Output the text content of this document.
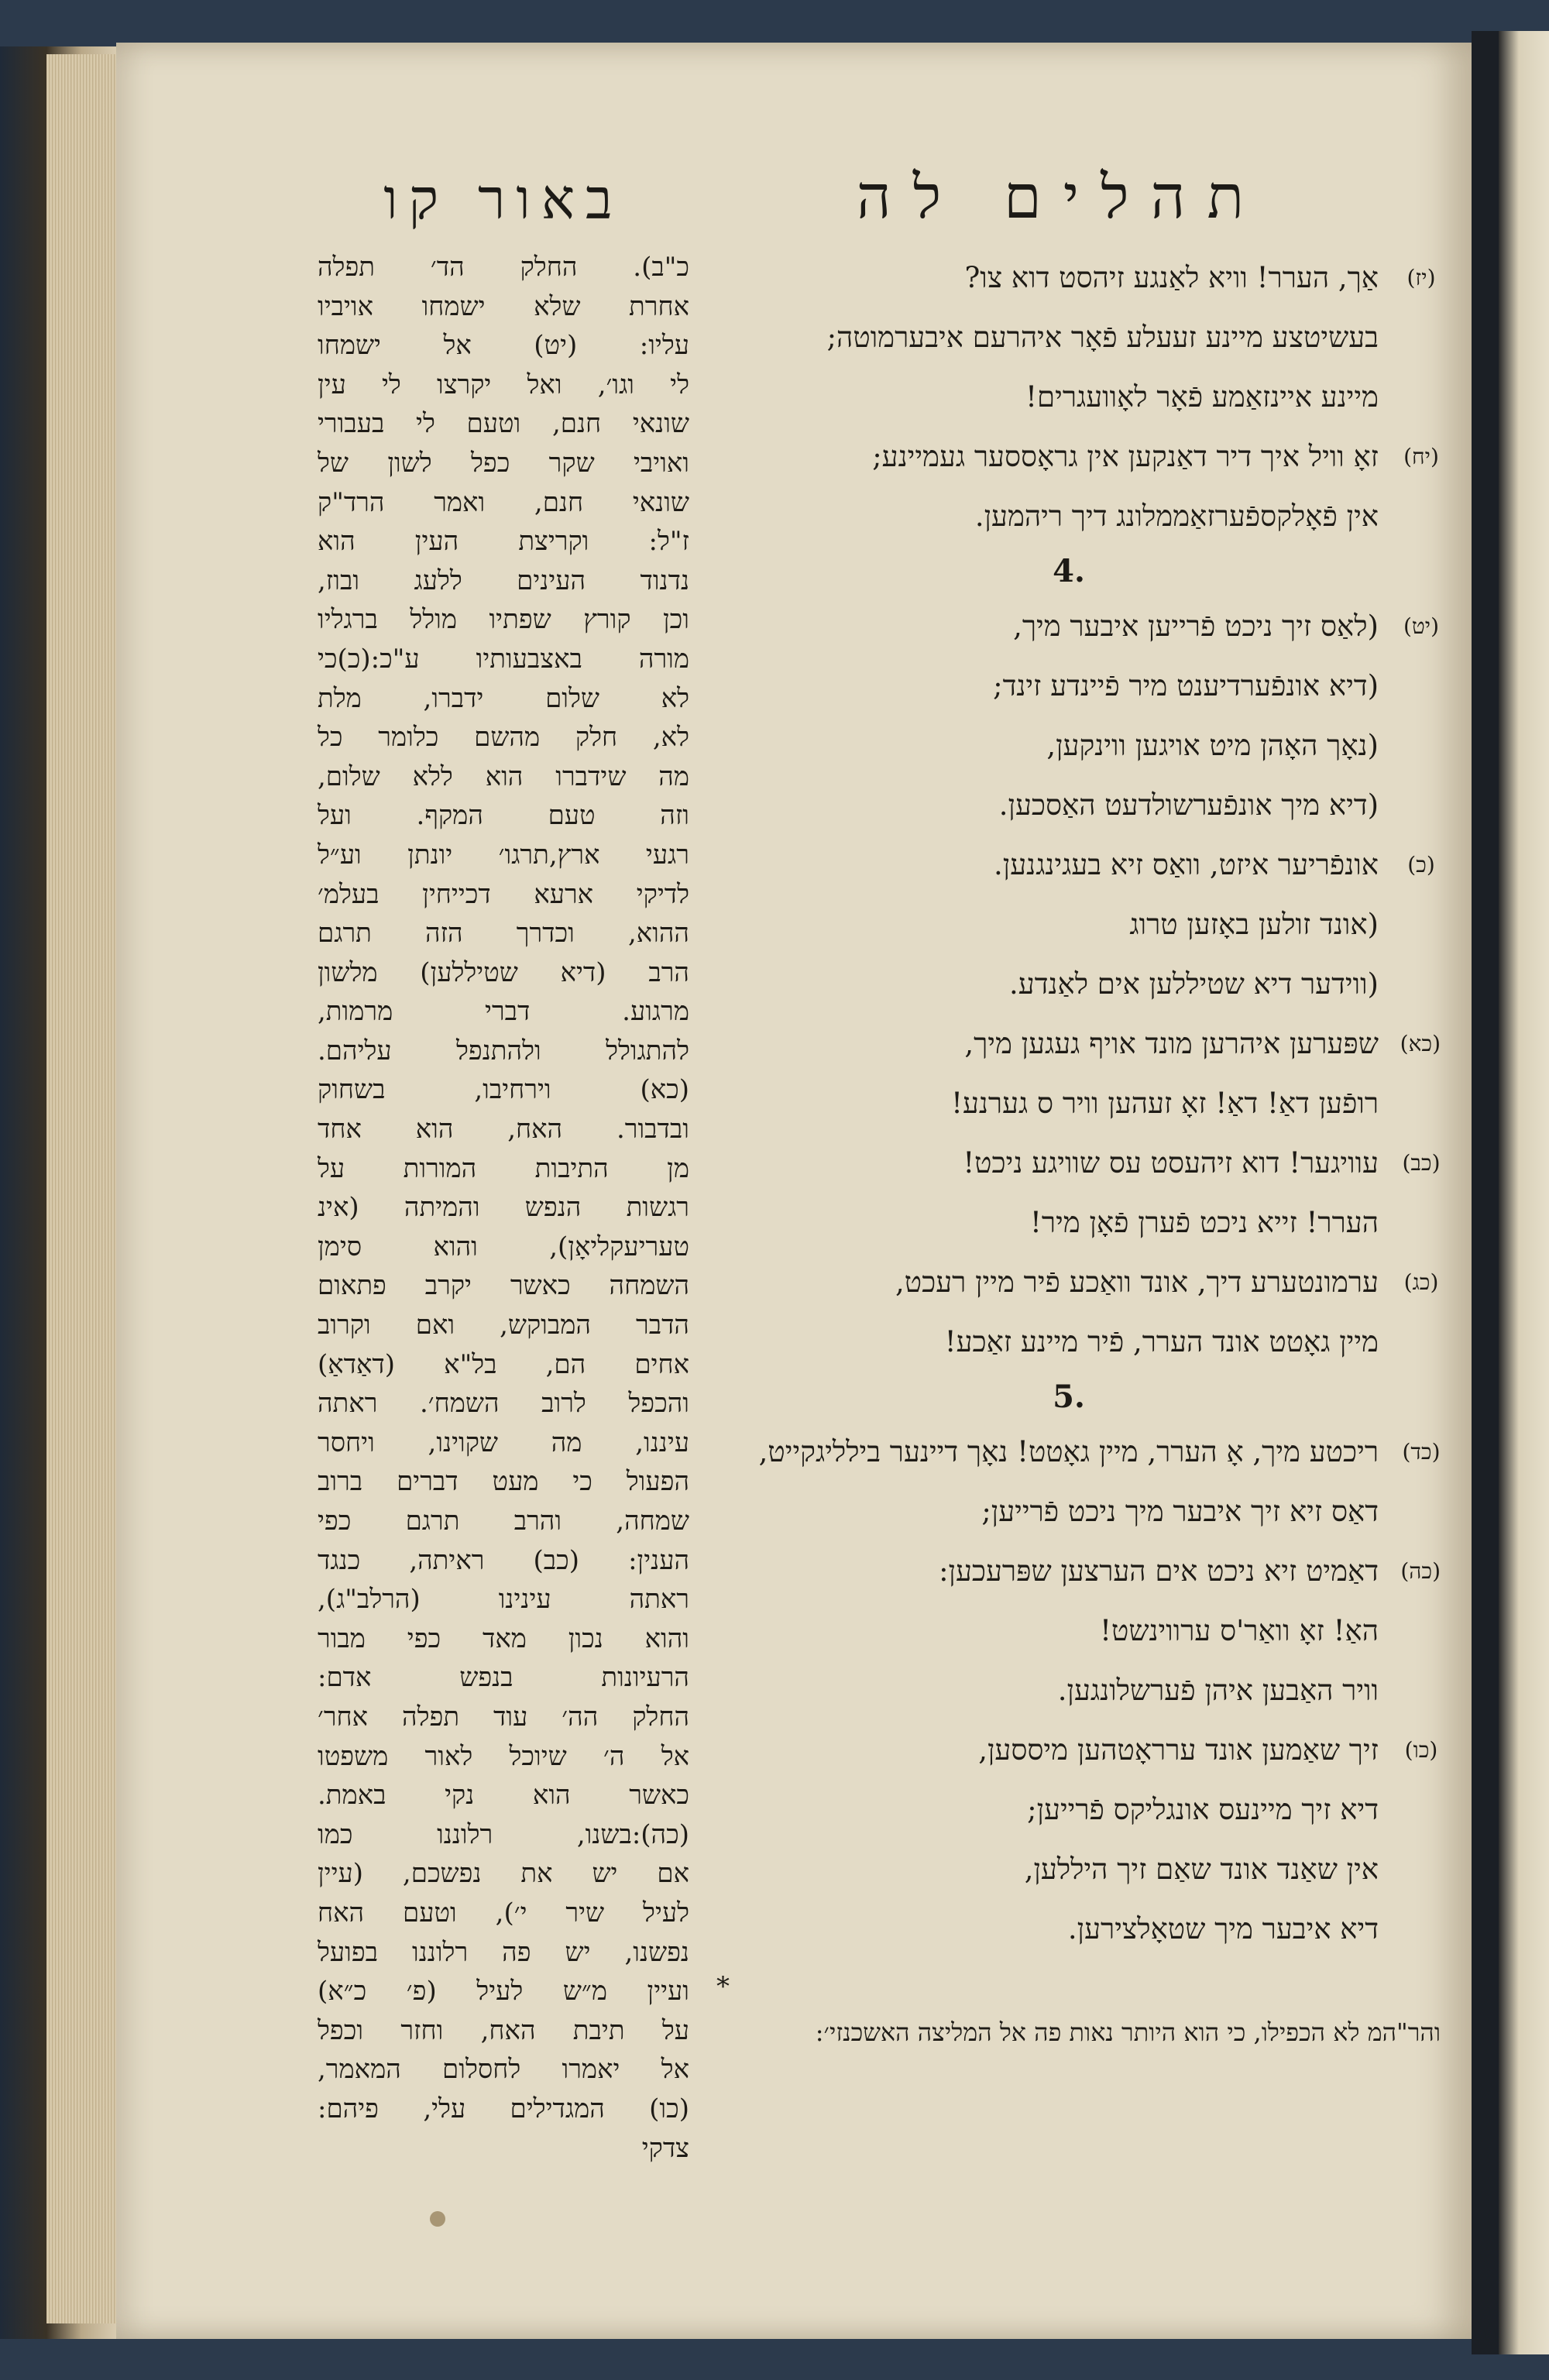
תהלים לה
באור קו
(יז)
אַך, הערר! וויא לאַנגע זיהסט דוא צו?
בעשיטצע מיינע זעעלע פֿאָר איהרעם איבערמוטה;
מיינע איינזאַמע פֿאָר לאָוועגרים!
(יח)
זאָ וויל איך דיר דאַנקען אין גראָססער געמיינע;
אין פֿאָלקספֿערזאַממלונג דיך ריהמען.
4.
(יט)
(לאַס זיך ניכט פֿרייען איבער מיך,
(דיא אונפֿערדיענט מיר פֿיינדע זינד;
(נאָך האָהן מיט אויגען ווינקען,
(דיא מיך אונפֿערשולדעט האַסכען.
(כ)
אונפֿריער איזט, וואַס זיא בעגינגנען.
(אונד זולען באָזען טרוג
(ווידער דיא שטיללען אים לאַנדע.
(כא)
שפּערען איהרען מונד אויף געגען מיך,
רופֿען דאַ! דאַ! זאָ זעהען וויר ס גערנע!
(כב)
עוויגער! דוא זיהעסט עס שוויגע ניכט!
הערר! זייא ניכט פֿערן פֿאָן מיר!
(כג)
ערמונטערע דיך, אונד וואַכע פֿיר מיין רעכט,
מיין גאָטט אונד הערר, פֿיר מיינע זאַכע!
5.
(כד)
ריכטע מיך, אָ הערר, מיין גאָטט! נאָך דיינער בילליגקייט,
דאַס זיא זיך איבער מיך ניכט פֿרייען;
(כה)
דאַמיט זיא ניכט אים הערצען שפּרעכען:
האַ! זאָ וואַר'ס ערווינשט!
וויר האַבען איהן פֿערשלונגען.
(כו)
זיך שאַמען אונד ערראָטהען מיססען,
דיא זיך מיינעס אונגליקס פֿרייען;
אין שאַנד אונד שאַם זיך היללען,
דיא איבער מיך שטאָלצירען.
כ"ב). החלק הד׳ תפלה
אחרת שלא ישמחו אויביו
עליו: (יט) אל ישמחו
לי וגו׳, ואל יקרצו לי עין
שונאי חנם, וטעם לי בעבורי
ואויבי שקר כפל לשון של
שונאי חנם, ואמר הרד"ק
ז"ל: וקריצת העין הוא
נדנוד העינים ללעג ובוז,
וכן קורץ שפתיו מולל ברגליו
מורה באצבעותיו ע"כ:(כ)כי
לא שלום ידברו, מלת
לא, חלק מהשם כלומר כל
מה שידברו הוא ללא שלום,
וזה טעם המקף. ועל
רגעי ארץ,תרגו׳ יונתן וע״ל
לדיקי ארעא דכייחין בעלמ׳
ההוא, וכדרך הזה תרגם
הרב (דיא שטיללען) מלשון
מרגוע. דברי מרמות,
להתגולל ולהתנפל עליהם.
(כא) וירחיבו, בשחוק
ובדבור. האח, הוא אחד
מן התיבות המורות על
רגשות הנפש והמיתה (אינ
טעריעקליאָן), והוא סימן
השמחה כאשר יקרב פתאום
הדבר המבוקש, ואם וקרוב
אחים הם, בל"א (דאַדאַ)
והכפל לרוב השמח׳. ראתה
עיננו, מה שקוינו, ויחסר
הפעול כי מעט דברים ברוב
שמחה, והרב תרגם כפי
הענין: (כב) ראיתה, כנגד
ראתה עינינו (הרלב"ג),
והוא נכון מאד כפי מבור
הרעיונות בנפש אדם:
החלק הה׳ עוד תפלה אחר׳
אל ה׳ שיוכל לאור משפטו
כאשר הוא נקי באמת.
(כה):בשנו, רלוננו כמו
אם יש את נפשכם, (עיין
לעיל שיר י׳), וטעם האח
נפשנו, יש פה רלוננו בפועל
ועיין מ״ש לעיל (פ׳ כ״א)
על תיבת האח, וחזר וכפל
אל יאמרו לחסלום המאמר,
(כו) המגדילים עלי, פיהם:
צדקי
*
והר"המ לא הכפילו, כי הוא היותר נאות פה אל המליצה האשכנזי׳:
